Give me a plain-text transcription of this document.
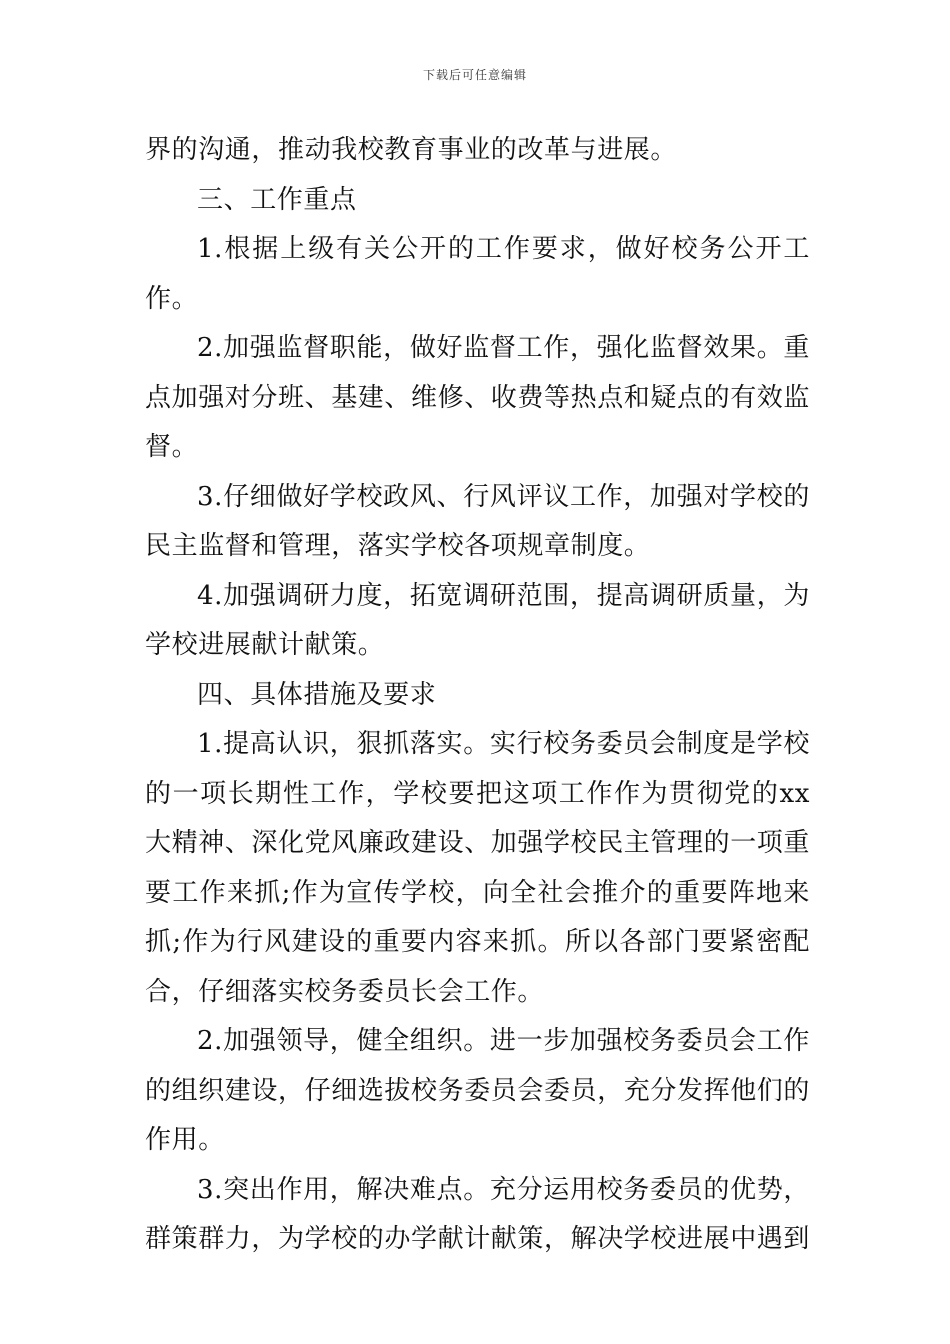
下载后可任意编辑

界的沟通，推动我校教育事业的改革与进展。

三、工作重点

1.根据上级有关公开的工作要求，做好校务公开工作。

2.加强监督职能，做好监督工作，强化监督效果。重点加强对分班、基建、维修、收费等热点和疑点的有效监督。

3.仔细做好学校政风、行风评议工作，加强对学校的民主监督和管理，落实学校各项规章制度。

4.加强调研力度，拓宽调研范围，提高调研质量，为学校进展献计献策。

四、具体措施及要求

1.提高认识，狠抓落实。实行校务委员会制度是学校的一项长期性工作，学校要把这项工作作为贯彻党的xx大精神、深化党风廉政建设、加强学校民主管理的一项重要工作来抓;作为宣传学校，向全社会推介的重要阵地来抓;作为行风建设的重要内容来抓。所以各部门要紧密配合，仔细落实校务委员长会工作。

2.加强领导，健全组织。进一步加强校务委员会工作的组织建设，仔细选拔校务委员会委员，充分发挥他们的作用。

3.突出作用，解决难点。充分运用校务委员的优势，群策群力，为学校的办学献计献策，解决学校进展中遇到
